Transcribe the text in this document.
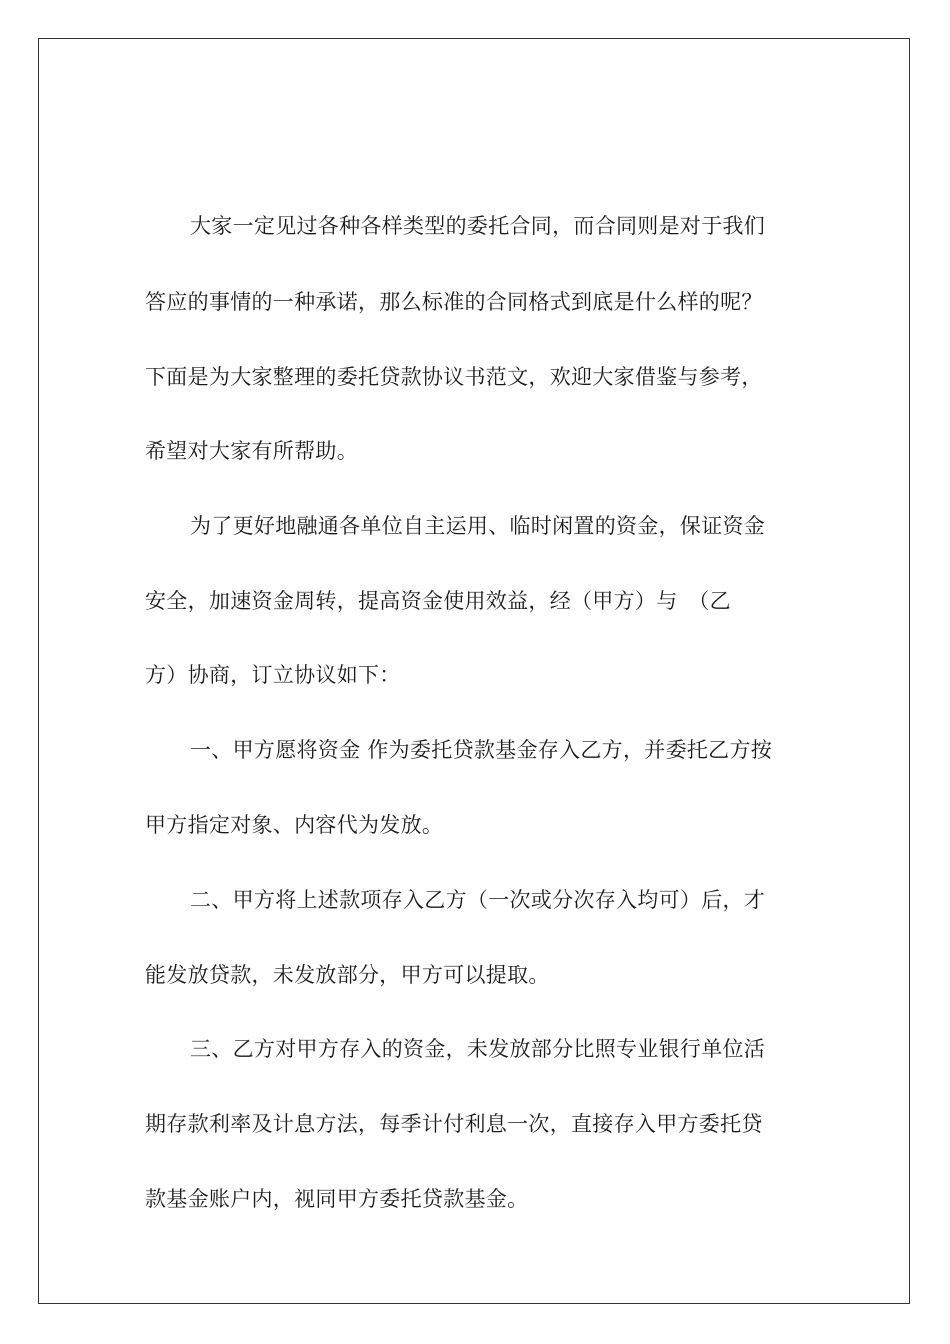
大家一定见过各种各样类型的委托合同，而合同则是对于我们
答应的事情的一种承诺，那么标准的合同格式到底是什么样的呢？
下面是为大家整理的委托贷款协议书范文，欢迎大家借鉴与参考，
希望对大家有所帮助。
为了更好地融通各单位自主运用、临时闲置的资金，保证资金
安全，加速资金周转，提高资金使用效益，经（甲方）与　（乙
方）协商，订立协议如下：
一、甲方愿将资金 作为委托贷款基金存入乙方，并委托乙方按
甲方指定对象、内容代为发放。
二、甲方将上述款项存入乙方（一次或分次存入均可）后，才
能发放贷款，未发放部分，甲方可以提取。
三、乙方对甲方存入的资金，未发放部分比照专业银行单位活
期存款利率及计息方法，每季计付利息一次，直接存入甲方委托贷
款基金账户内，视同甲方委托贷款基金。
